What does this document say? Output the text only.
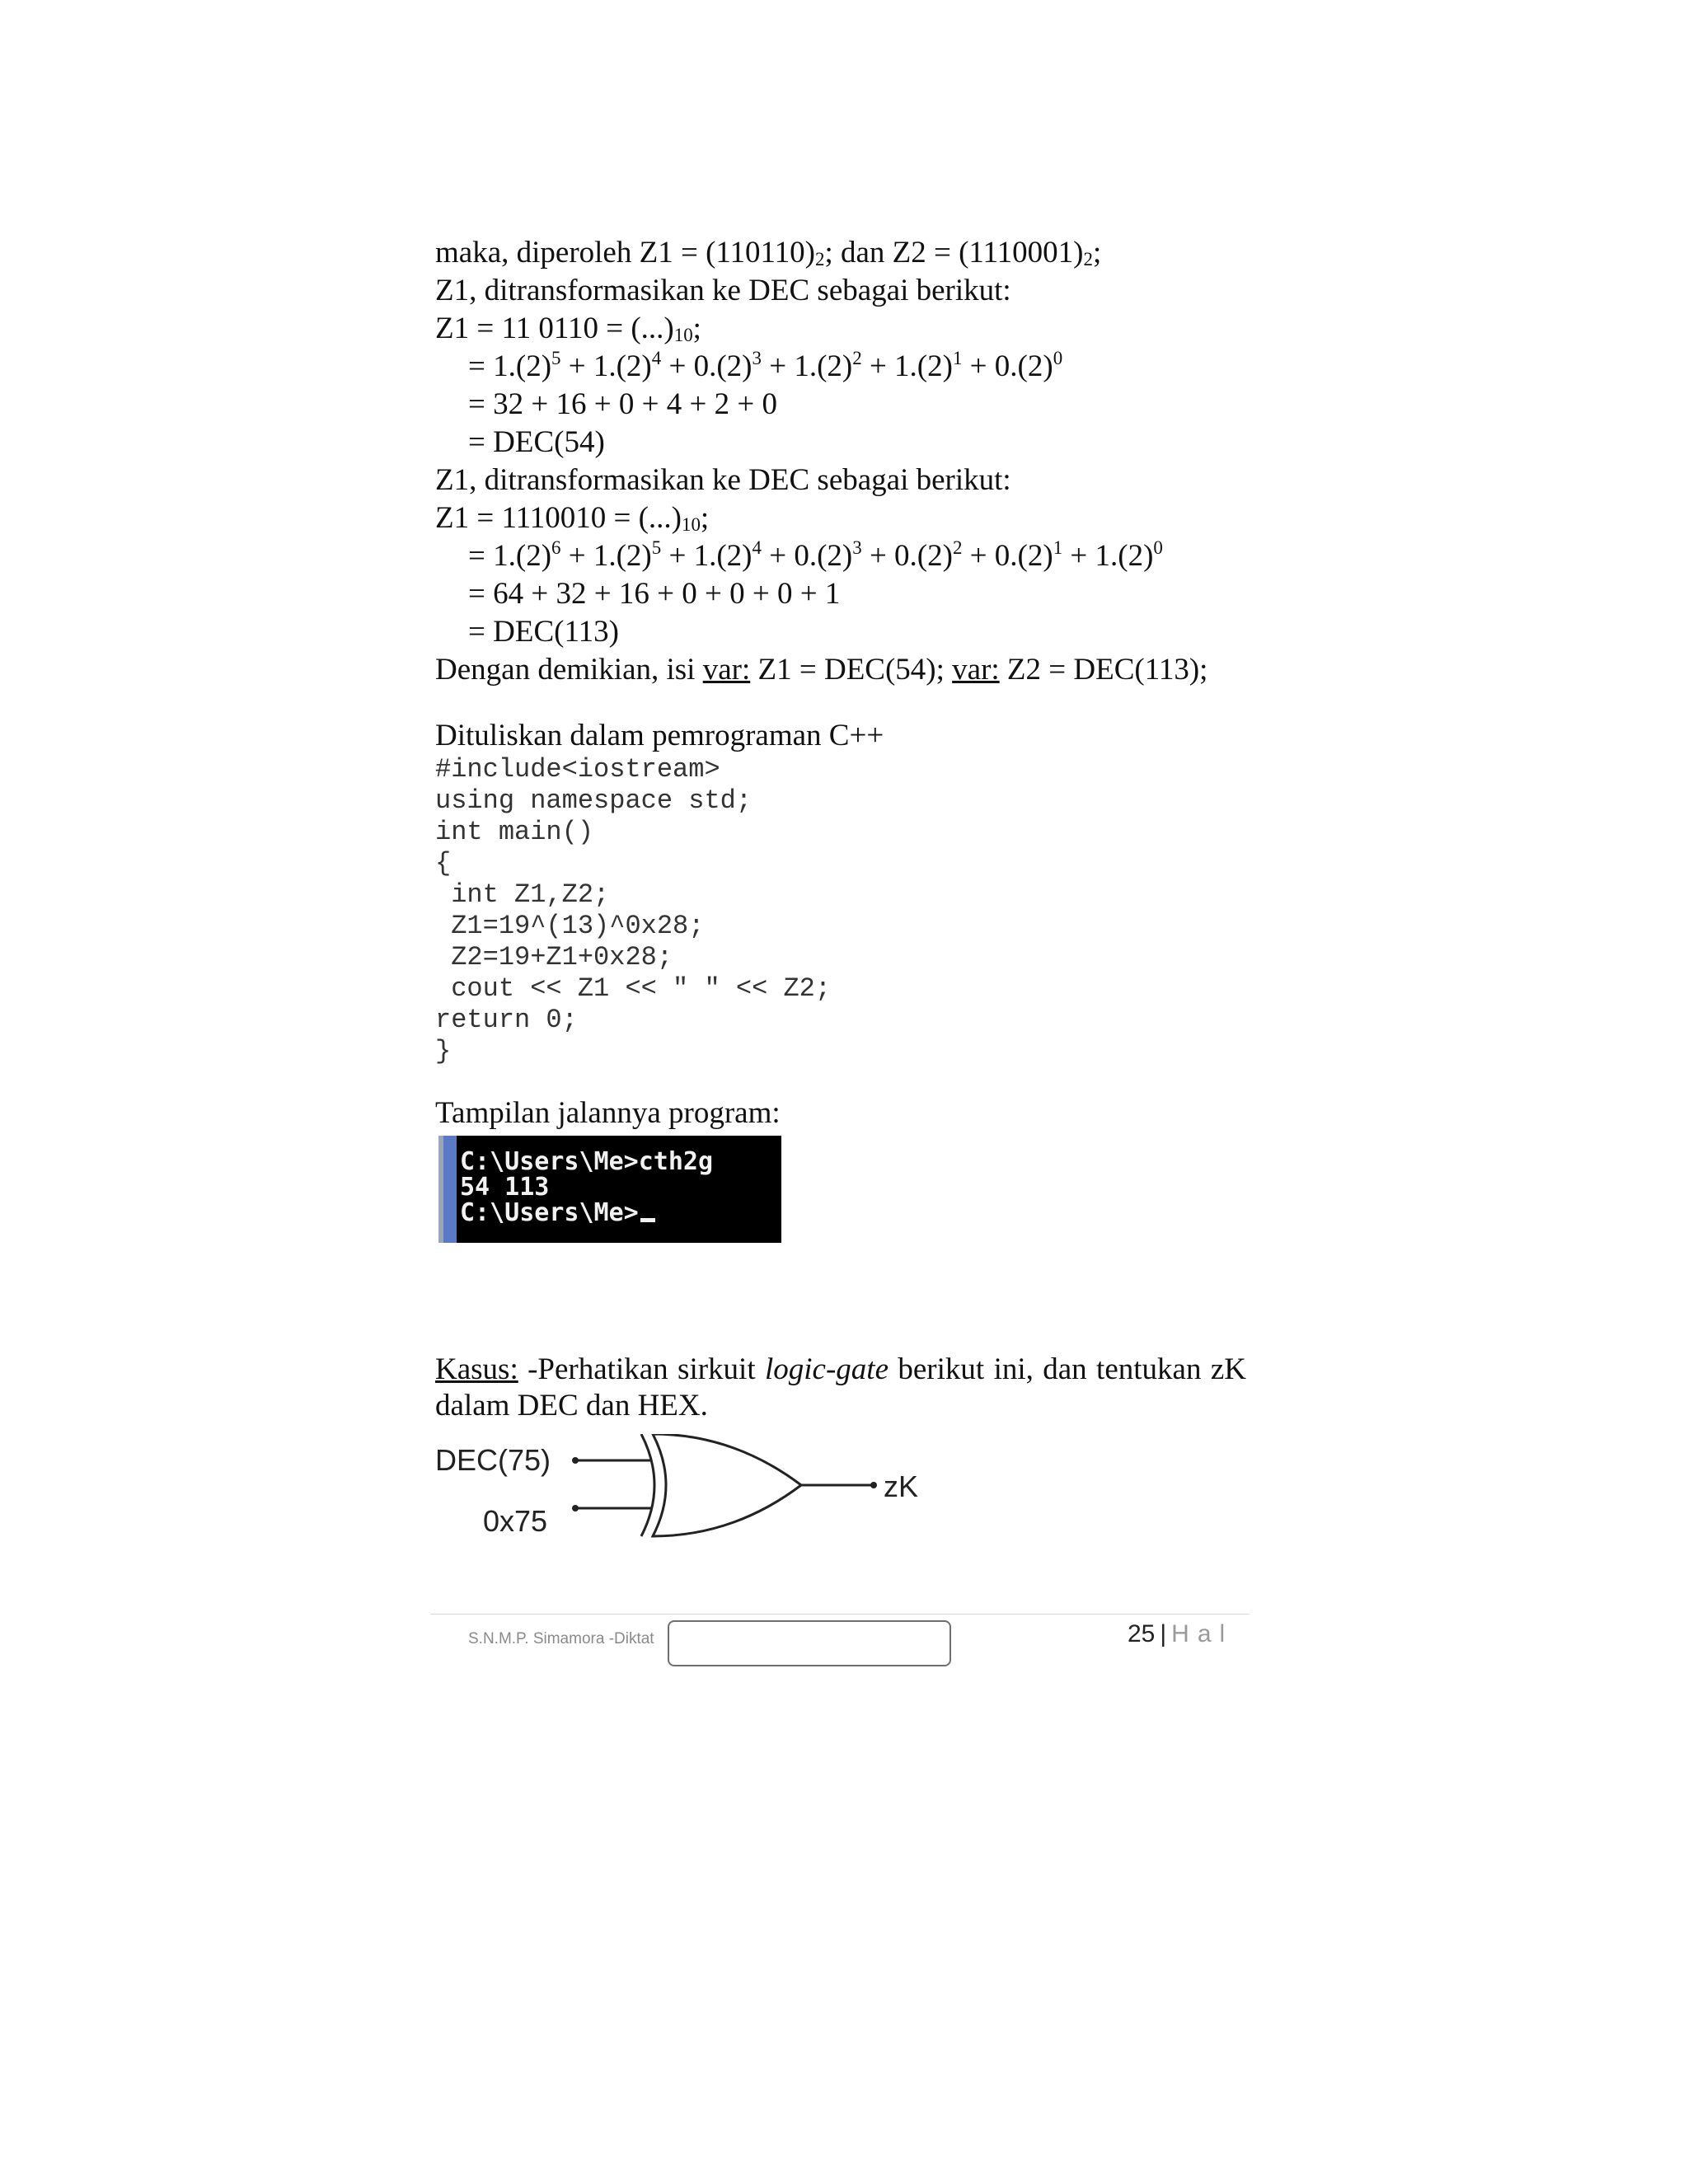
maka, diperoleh $Z1 = (110110)_2$; dan $Z2 = (1110001)_2$;
Z1, ditransformasikan ke DEC sebagai berikut:
Z1 = 11 $0110 = (...)_{10}$;
= $1.(2)^5 + 1.(2)^4 + 0.(2)^3 + 1.(2)^2 + 1.(2)^1 + 0.(2)^0$
= 32 + 16 + 0 + 4 + 2 + 0
= DEC(54)
Z1, ditransformasikan ke DEC sebagai berikut:
$Z1 = 1110010 = (...)_{10}$;
= $1.(2)^6 + 1.(2)^5 + 1.(2)^4 + 0.(2)^3 + 0.(2)^2 + 0.(2)^1 + 1.(2)^0$
= 64 + 32 + 16 + 0 + 0 + 0 + 1
= DEC(113)
Dengan demikian, isi var: Z1 = DEC(54); var: Z2 = DEC(113);
Dituliskan dalam pemrograman C++
#include<iostream>
using namespace std;
int main()
{
int Z1,Z2;
Z1=19^(13)^0x28;
Z2=19+Z1+0x28;
cout << Z1 << " " << Z2;
return 0;
}
Tampilan jalannya program:
C:\Users\Me>cth2g
54 113
C:\Users\Me>
Kasus: -Perhatikan sirkuit logic-gate berikut ini, dan tentukan zK dalam DEC dan HEX.
DEC(75)
0x75
zK
S.N.M.P. Simamora -Diktat	25 | Hal
